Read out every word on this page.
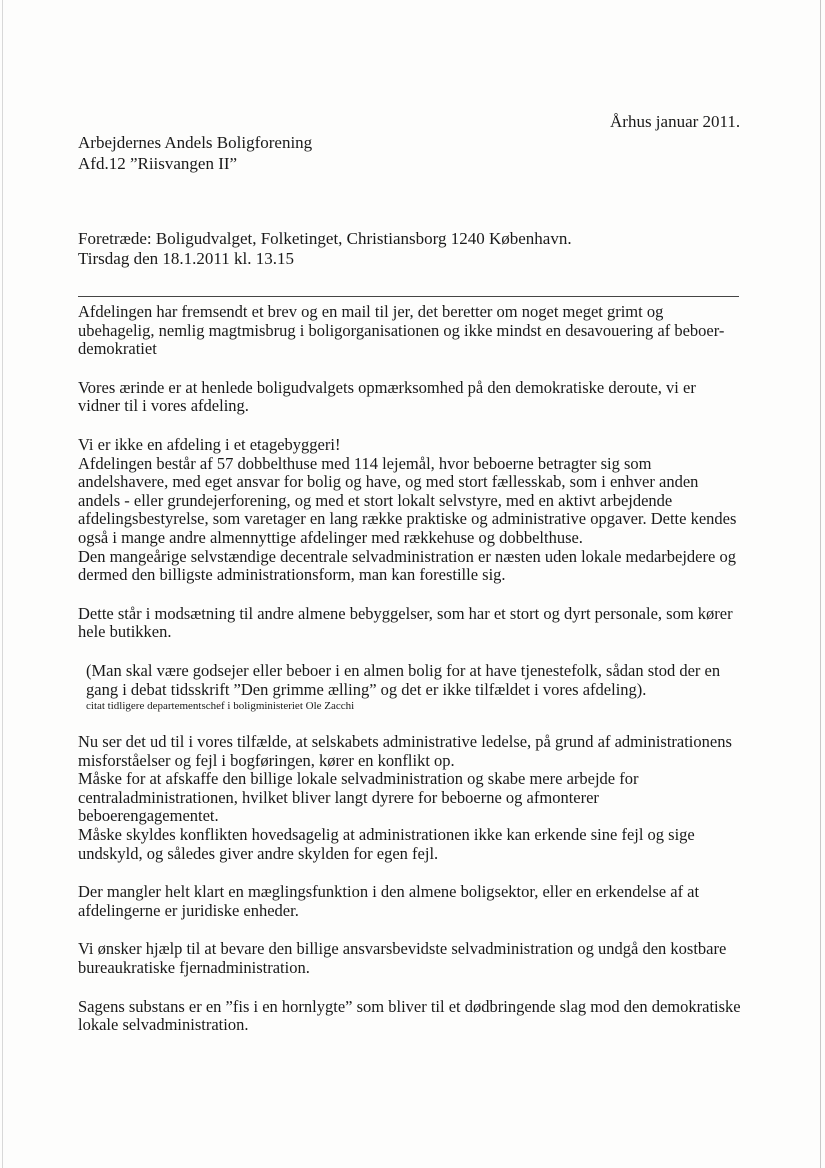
Århus januar 2011.
Arbejdernes Andels Boligforening
Afd.12 ”Riisvangen II”
Foretræde: Boligudvalget, Folketinget, Christiansborg 1240 København.
Tirsdag den 18.1.2011 kl. 13.15
Afdelingen har fremsendt et brev og en mail til jer, det beretter om noget meget grimt og
ubehagelig, nemlig magtmisbrug i boligorganisationen og ikke mindst en desavouering af beboer-
demokratiet
Vores ærinde er at henlede boligudvalgets opmærksomhed på den demokratiske deroute, vi er
vidner til i vores afdeling.
Vi er ikke en afdeling i et etagebyggeri!
Afdelingen består af 57 dobbelthuse med 114 lejemål, hvor beboerne betragter sig som
andelshavere, med eget ansvar for bolig og have, og med stort fællesskab, som i enhver anden
andels - eller grundejerforening, og med et stort lokalt selvstyre, med en aktivt arbejdende
afdelingsbestyrelse, som varetager en lang række praktiske og administrative opgaver. Dette kendes
også i mange andre almennyttige afdelinger med rækkehuse og dobbelthuse.
Den mangeårige selvstændige decentrale selvadministration er næsten uden lokale medarbejdere og
dermed den billigste administrationsform, man kan forestille sig.
Dette står i modsætning til andre almene bebyggelser, som har et stort og dyrt personale, som kører
hele butikken.
(Man skal være godsejer eller beboer i en almen bolig for at have tjenestefolk, sådan stod der en
gang i debat tidsskrift ”Den grimme ælling” og det er ikke tilfældet i vores afdeling).
citat tidligere departementschef i boligministeriet Ole Zacchi
Nu ser det ud til i vores tilfælde, at selskabets administrative ledelse, på grund af administrationens
misforståelser og fejl i bogføringen, kører en konflikt op.
Måske for at afskaffe den billige lokale selvadministration og skabe mere arbejde for
centraladministrationen, hvilket bliver langt dyrere for beboerne og afmonterer
beboerengagementet.
Måske skyldes konflikten hovedsagelig at administrationen ikke kan erkende sine fejl og sige
undskyld, og således giver andre skylden for egen fejl.
Der mangler helt klart en mæglingsfunktion i den almene boligsektor, eller en erkendelse af at
afdelingerne er juridiske enheder.
Vi ønsker hjælp til at bevare den billige ansvarsbevidste selvadministration og undgå den kostbare
bureaukratiske fjernadministration.
Sagens substans er en ”fis i en hornlygte” som bliver til et dødbringende slag mod den demokratiske
lokale selvadministration.
